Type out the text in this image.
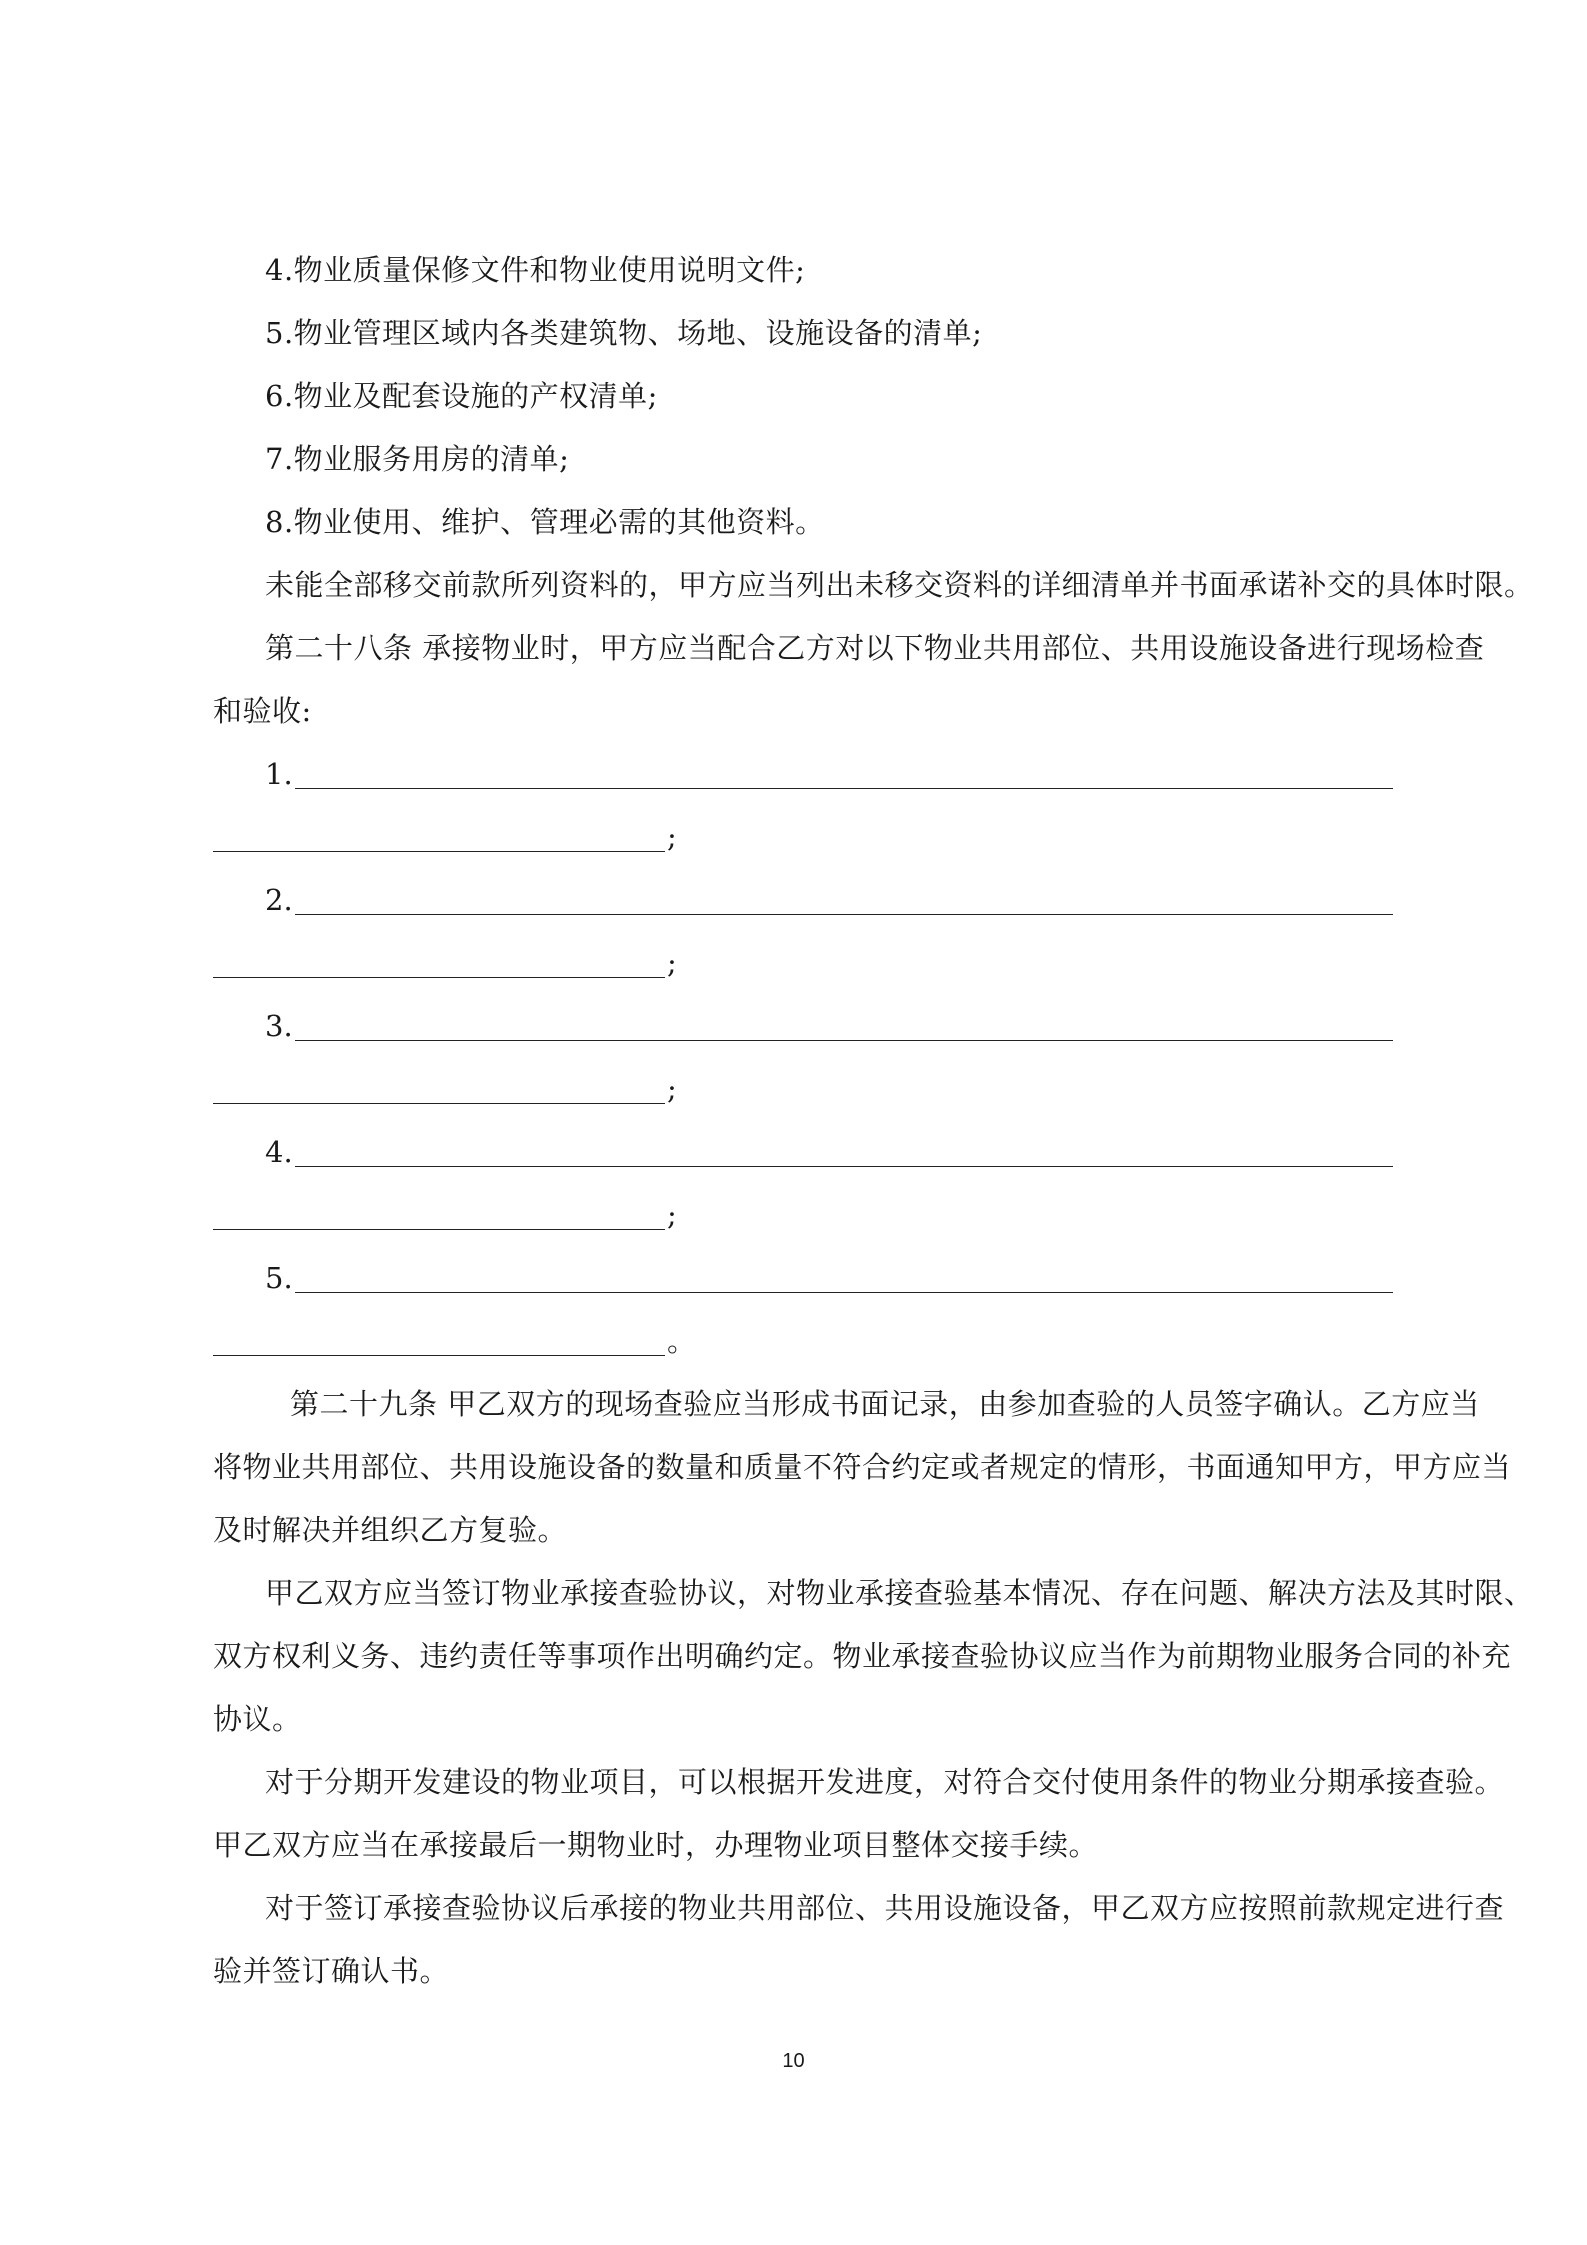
4.物业质量保修文件和物业使用说明文件;
5.物业管理区域内各类建筑物、场地、设施设备的清单;
6.物业及配套设施的产权清单;
7.物业服务用房的清单;
8.物业使用、维护、管理必需的其他资料。
未能全部移交前款所列资料的，甲方应当列出未移交资料的详细清单并书面承诺补交的具体时限。
第二十八条 承接物业时，甲方应当配合乙方对以下物业共用部位、共用设施设备进行现场检查
和验收:
1.
;
2.
;
3.
;
4.
;
5.
。
第二十九条 甲乙双方的现场查验应当形成书面记录，由参加查验的人员签字确认。乙方应当
将物业共用部位、共用设施设备的数量和质量不符合约定或者规定的情形，书面通知甲方，甲方应当
及时解决并组织乙方复验。
甲乙双方应当签订物业承接查验协议，对物业承接查验基本情况、存在问题、解决方法及其时限、
双方权利义务、违约责任等事项作出明确约定。物业承接查验协议应当作为前期物业服务合同的补充
协议。
对于分期开发建设的物业项目，可以根据开发进度，对符合交付使用条件的物业分期承接查验。
甲乙双方应当在承接最后一期物业时，办理物业项目整体交接手续。
对于签订承接查验协议后承接的物业共用部位、共用设施设备，甲乙双方应按照前款规定进行查
验并签订确认书。
10
